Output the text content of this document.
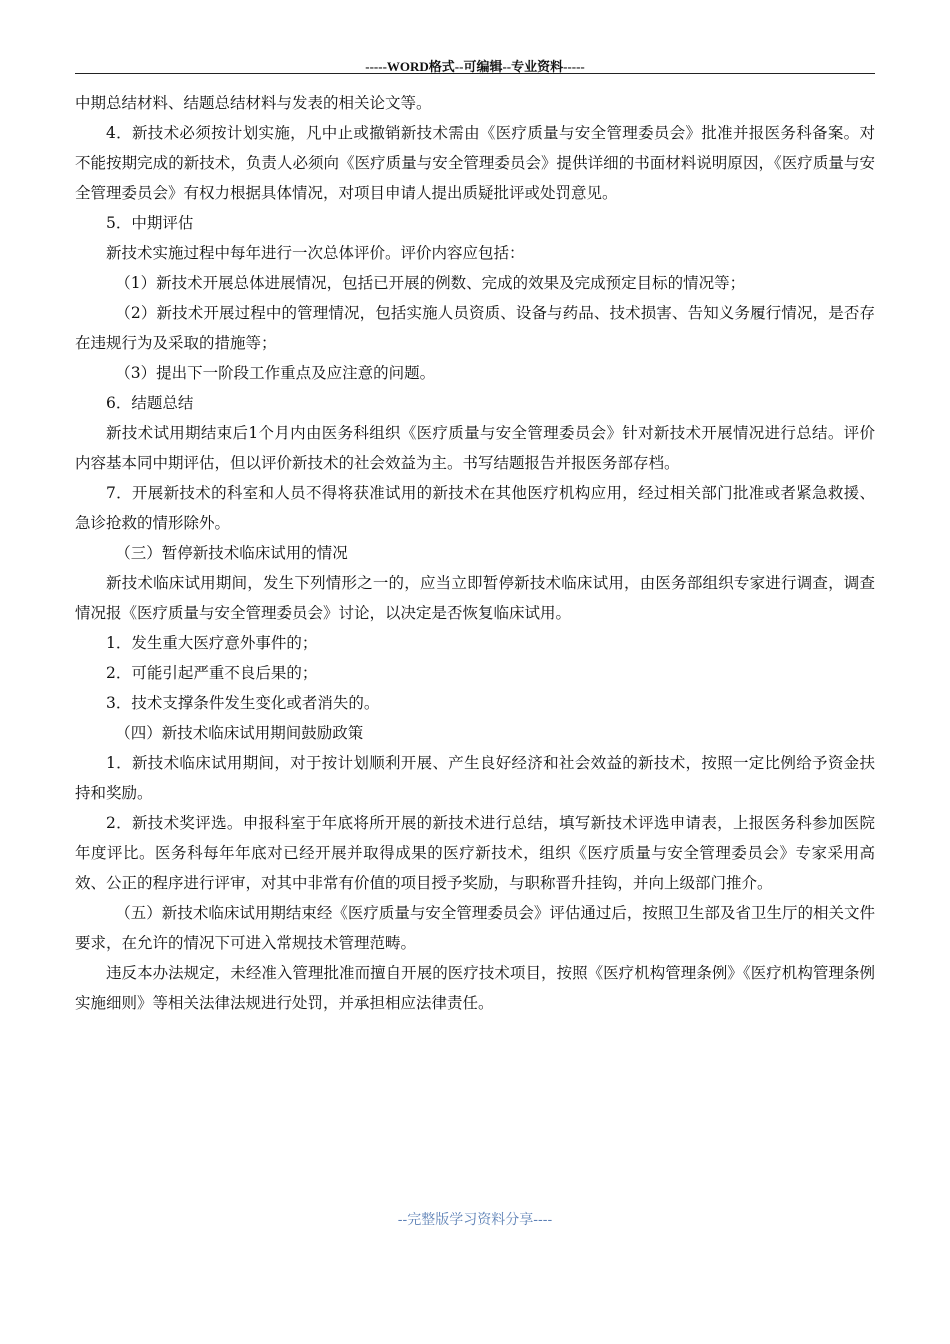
-----WORD格式--可编辑--专业资料-----

中期总结材料、结题总结材料与发表的相关论文等。

4．新技术必须按计划实施，凡中止或撤销新技术需由《医疗质量与安全管理委员会》批准并报医务科备案。对不能按期完成的新技术，负责人必须向《医疗质量与安全管理委员会》提供详细的书面材料说明原因，《医疗质量与安全管理委员会》有权力根据具体情况，对项目申请人提出质疑批评或处罚意见。

5．中期评估

新技术实施过程中每年进行一次总体评价。评价内容应包括：

（1）新技术开展总体进展情况，包括已开展的例数、完成的效果及完成预定目标的情况等；

（2）新技术开展过程中的管理情况，包括实施人员资质、设备与药品、技术损害、告知义务履行情况，是否存在违规行为及采取的措施等；

（3）提出下一阶段工作重点及应注意的问题。

6．结题总结

新技术试用期结束后1个月内由医务科组织《医疗质量与安全管理委员会》针对新技术开展情况进行总结。评价内容基本同中期评估，但以评价新技术的社会效益为主。书写结题报告并报医务部存档。

7．开展新技术的科室和人员不得将获准试用的新技术在其他医疗机构应用，经过相关部门批准或者紧急救援、急诊抢救的情形除外。

（三）暂停新技术临床试用的情况

新技术临床试用期间，发生下列情形之一的，应当立即暂停新技术临床试用，由医务部组织专家进行调查，调查情况报《医疗质量与安全管理委员会》讨论，以决定是否恢复临床试用。

1．发生重大医疗意外事件的；

2．可能引起严重不良后果的；

3．技术支撑条件发生变化或者消失的。

（四）新技术临床试用期间鼓励政策

1．新技术临床试用期间，对于按计划顺利开展、产生良好经济和社会效益的新技术，按照一定比例给予资金扶持和奖励。

2．新技术奖评选。申报科室于年底将所开展的新技术进行总结，填写新技术评选申请表，上报医务科参加医院年度评比。医务科每年年底对已经开展并取得成果的医疗新技术，组织《医疗质量与安全管理委员会》专家采用高效、公正的程序进行评审，对其中非常有价值的项目授予奖励，与职称晋升挂钩，并向上级部门推介。

（五）新技术临床试用期结束经《医疗质量与安全管理委员会》评估通过后，按照卫生部及省卫生厅的相关文件要求，在允许的情况下可进入常规技术管理范畴。

违反本办法规定，未经准入管理批准而擅自开展的医疗技术项目，按照《医疗机构管理条例》《医疗机构管理条例实施细则》等相关法律法规进行处罚，并承担相应法律责任。

--完整版学习资料分享----
